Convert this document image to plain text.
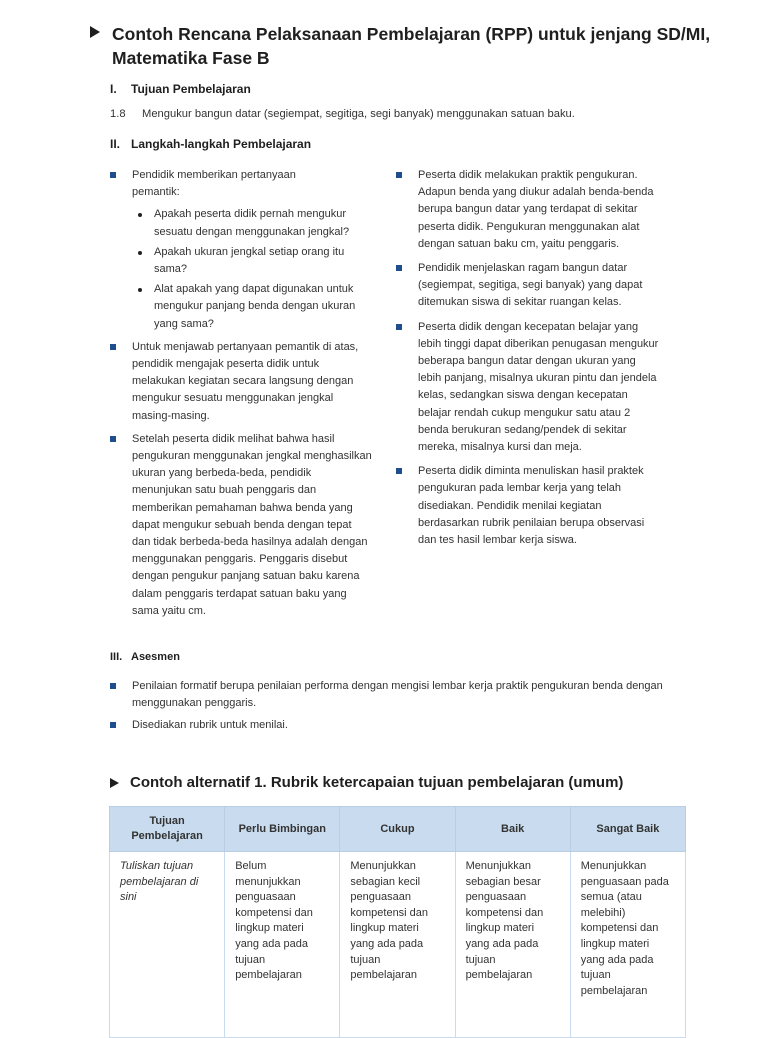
Contoh Rencana Pelaksanaan Pembelajaran (RPP) untuk jenjang SD/MI, Matematika Fase B
I. Tujuan Pembelajaran
1.8 Mengukur bangun datar (segiempat, segitiga, segi banyak) menggunakan satuan baku.
II. Langkah-langkah Pembelajaran
Pendidik memberikan pertanyaan pemantik:
Apakah peserta didik pernah mengukur sesuatu dengan menggunakan jengkal?
Apakah ukuran jengkal setiap orang itu sama?
Alat apakah yang dapat digunakan untuk mengukur panjang benda dengan ukuran yang sama?
Untuk menjawab pertanyaan pemantik di atas, pendidik mengajak peserta didik untuk melakukan kegiatan secara langsung dengan mengukur sesuatu menggunakan jengkal masing-masing.
Setelah peserta didik melihat bahwa hasil pengukuran menggunakan jengkal menghasilkan ukuran yang berbeda-beda, pendidik menunjukan satu buah penggaris dan memberikan pemahaman bahwa benda yang dapat mengukur sebuah benda dengan tepat dan tidak berbeda-beda hasilnya adalah dengan menggunakan penggaris. Penggaris disebut dengan pengukur panjang satuan baku karena dalam penggaris terdapat satuan baku yang sama yaitu cm.
Peserta didik melakukan praktik pengukuran. Adapun benda yang diukur adalah benda-benda berupa bangun datar yang terdapat di sekitar peserta didik. Pengukuran menggunakan alat dengan satuan baku cm, yaitu penggaris.
Pendidik menjelaskan ragam bangun datar (segiempat, segitiga, segi banyak) yang dapat ditemukan siswa di sekitar ruangan kelas.
Peserta didik dengan kecepatan belajar yang lebih tinggi dapat diberikan penugasan mengukur beberapa bangun datar dengan ukuran yang lebih panjang, misalnya ukuran pintu dan jendela kelas, sedangkan siswa dengan kecepatan belajar rendah cukup mengukur satu atau 2 benda berukuran sedang/pendek di sekitar mereka, misalnya kursi dan meja.
Peserta didik diminta menuliskan hasil praktek pengukuran pada lembar kerja yang telah disediakan. Pendidik menilai kegiatan berdasarkan rubrik penilaian berupa observasi dan tes hasil lembar kerja siswa.
III. Asesmen
Penilaian formatif berupa penilaian performa dengan mengisi lembar kerja praktik pengukuran benda dengan menggunakan penggaris.
Disediakan rubrik untuk menilai.
Contoh alternatif 1. Rubrik ketercapaian tujuan pembelajaran (umum)
Tujuan Pembelajaran	Perlu Bimbingan	Cukup	Baik	Sangat Baik
Tuliskan tujuan pembelajaran di sini	Belum menunjukkan penguasaan kompetensi dan lingkup materi yang ada pada tujuan pembelajaran	Menunjukkan sebagian kecil penguasaan kompetensi dan lingkup materi yang ada pada tujuan pembelajaran	Menunjukkan sebagian besar penguasaan kompetensi dan lingkup materi yang ada pada tujuan pembelajaran	Menunjukkan penguasaan pada semua (atau melebihi) kompetensi dan lingkup materi yang ada pada tujuan pembelajaran
